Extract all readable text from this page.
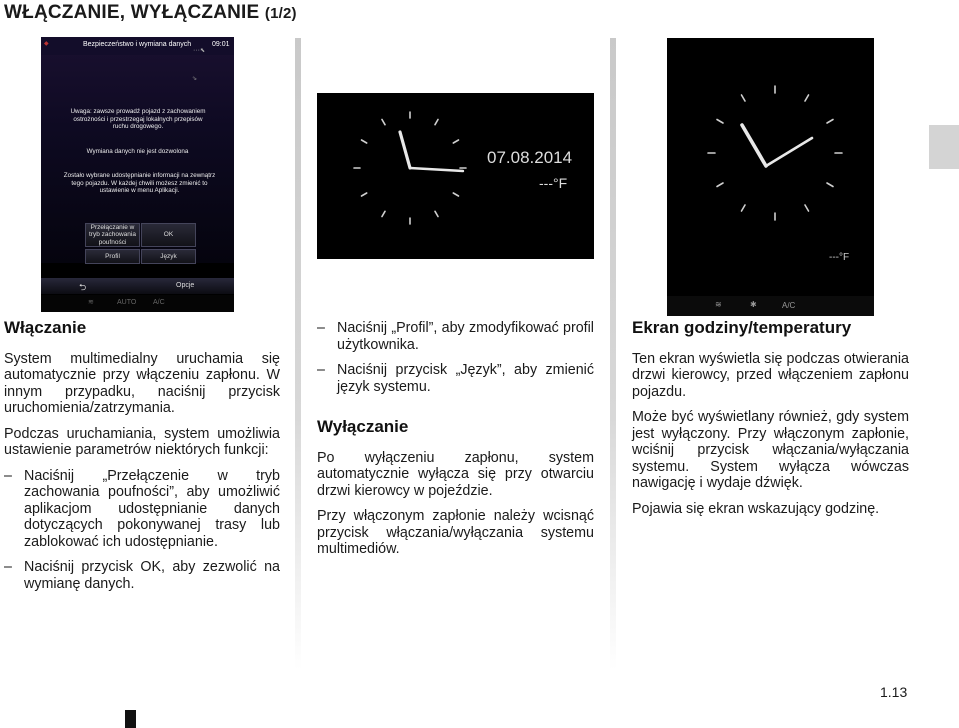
WŁĄCZANIE, WYŁĄCZANIE (1/2)
◆	Bezpieczeństwo i wymiana danych	09:01
···⬉
⇘
Uwaga: zawsze prowadź pojazd z zachowaniem ostrożności i przestrzegaj lokalnych przepisów ruchu drogowego.
Wymiana danych nie jest dozwolona
Zostało wybrane udostępnianie informacji na zewnątrz tego pojazdu. W każdej chwili możesz zmienić to ustawienie w menu Aplikacji.
Przełączanie w tryb zachowania poufności
OK
Profil	Język
⮌	Opcje
≋	AUTO A/C
07.08.2014
---°F
---°F
≋	✱	A/C
Włączanie

System multimedialny uruchamia się automatycznie przy włączeniu zapłonu. W innym przypadku, naciśnij przycisk uruchomienia/zatrzymania.

Podczas uruchamiania, system umożliwia ustawienie parametrów niektórych funkcji:

– Naciśnij „Przełączenie w tryb zachowania poufności”, aby umożliwić aplikacjom udostępnianie danych dotyczących pokonywanej trasy lub zablokować ich udostępnianie.
– Naciśnij przycisk OK, aby zezwolić na wymianę danych.
– Naciśnij „Profil”, aby zmodyfikować profil użytkownika.
– Naciśnij przycisk „Język”, aby zmienić język systemu.
Wyłączanie

Po wyłączeniu zapłonu, system automatycznie wyłącza się przy otwarciu drzwi kierowcy w pojeździe.

Przy włączonym zapłonie należy wcisnąć przycisk włączania/wyłączania systemu multimediów.

Ekran godziny/temperatury

Ten ekran wyświetla się podczas otwierania drzwi kierowcy, przed włączeniem zapłonu pojazdu.

Może być wyświetlany również, gdy system jest wyłączony. Przy włączonym zapłonie, wciśnij przycisk włączania/wyłączania systemu. System wyłącza wówczas nawigację i wydaje dźwięk.

Pojawia się ekran wskazujący godzinę.

1.13
